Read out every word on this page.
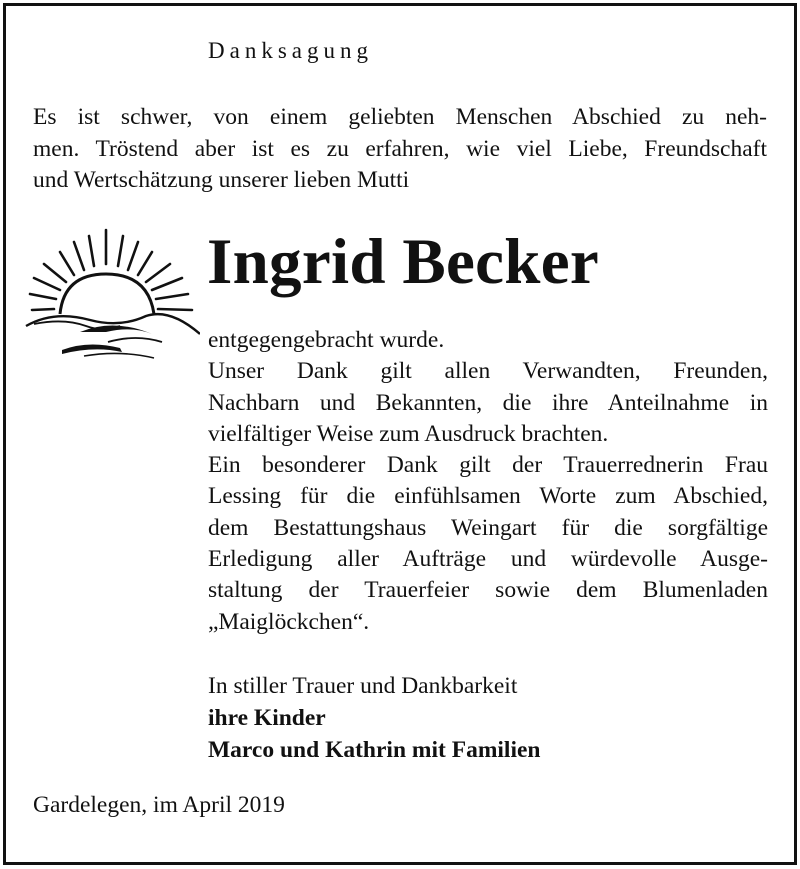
Danksagung
Es ist schwer, von einem geliebten Menschen Abschied zu neh-
men. Tröstend aber ist es zu erfahren, wie viel Liebe, Freundschaft
und Wertschätzung unserer lieben Mutti
Ingrid Becker
entgegengebracht wurde.
Unser Dank gilt allen Verwandten, Freunden,
Nachbarn und Bekannten, die ihre Anteilnahme in
vielfältiger Weise zum Ausdruck brachten.
Ein besonderer Dank gilt der Trauerrednerin Frau
Lessing für die einfühlsamen Worte zum Abschied,
dem Bestattungshaus Weingart für die sorgfältige
Erledigung aller Aufträge und würdevolle Ausge-
staltung der Trauerfeier sowie dem Blumenladen
„Maiglöckchen“.
In stiller Trauer und Dankbarkeit
ihre Kinder
Marco und Kathrin mit Familien
Gardelegen, im April 2019
